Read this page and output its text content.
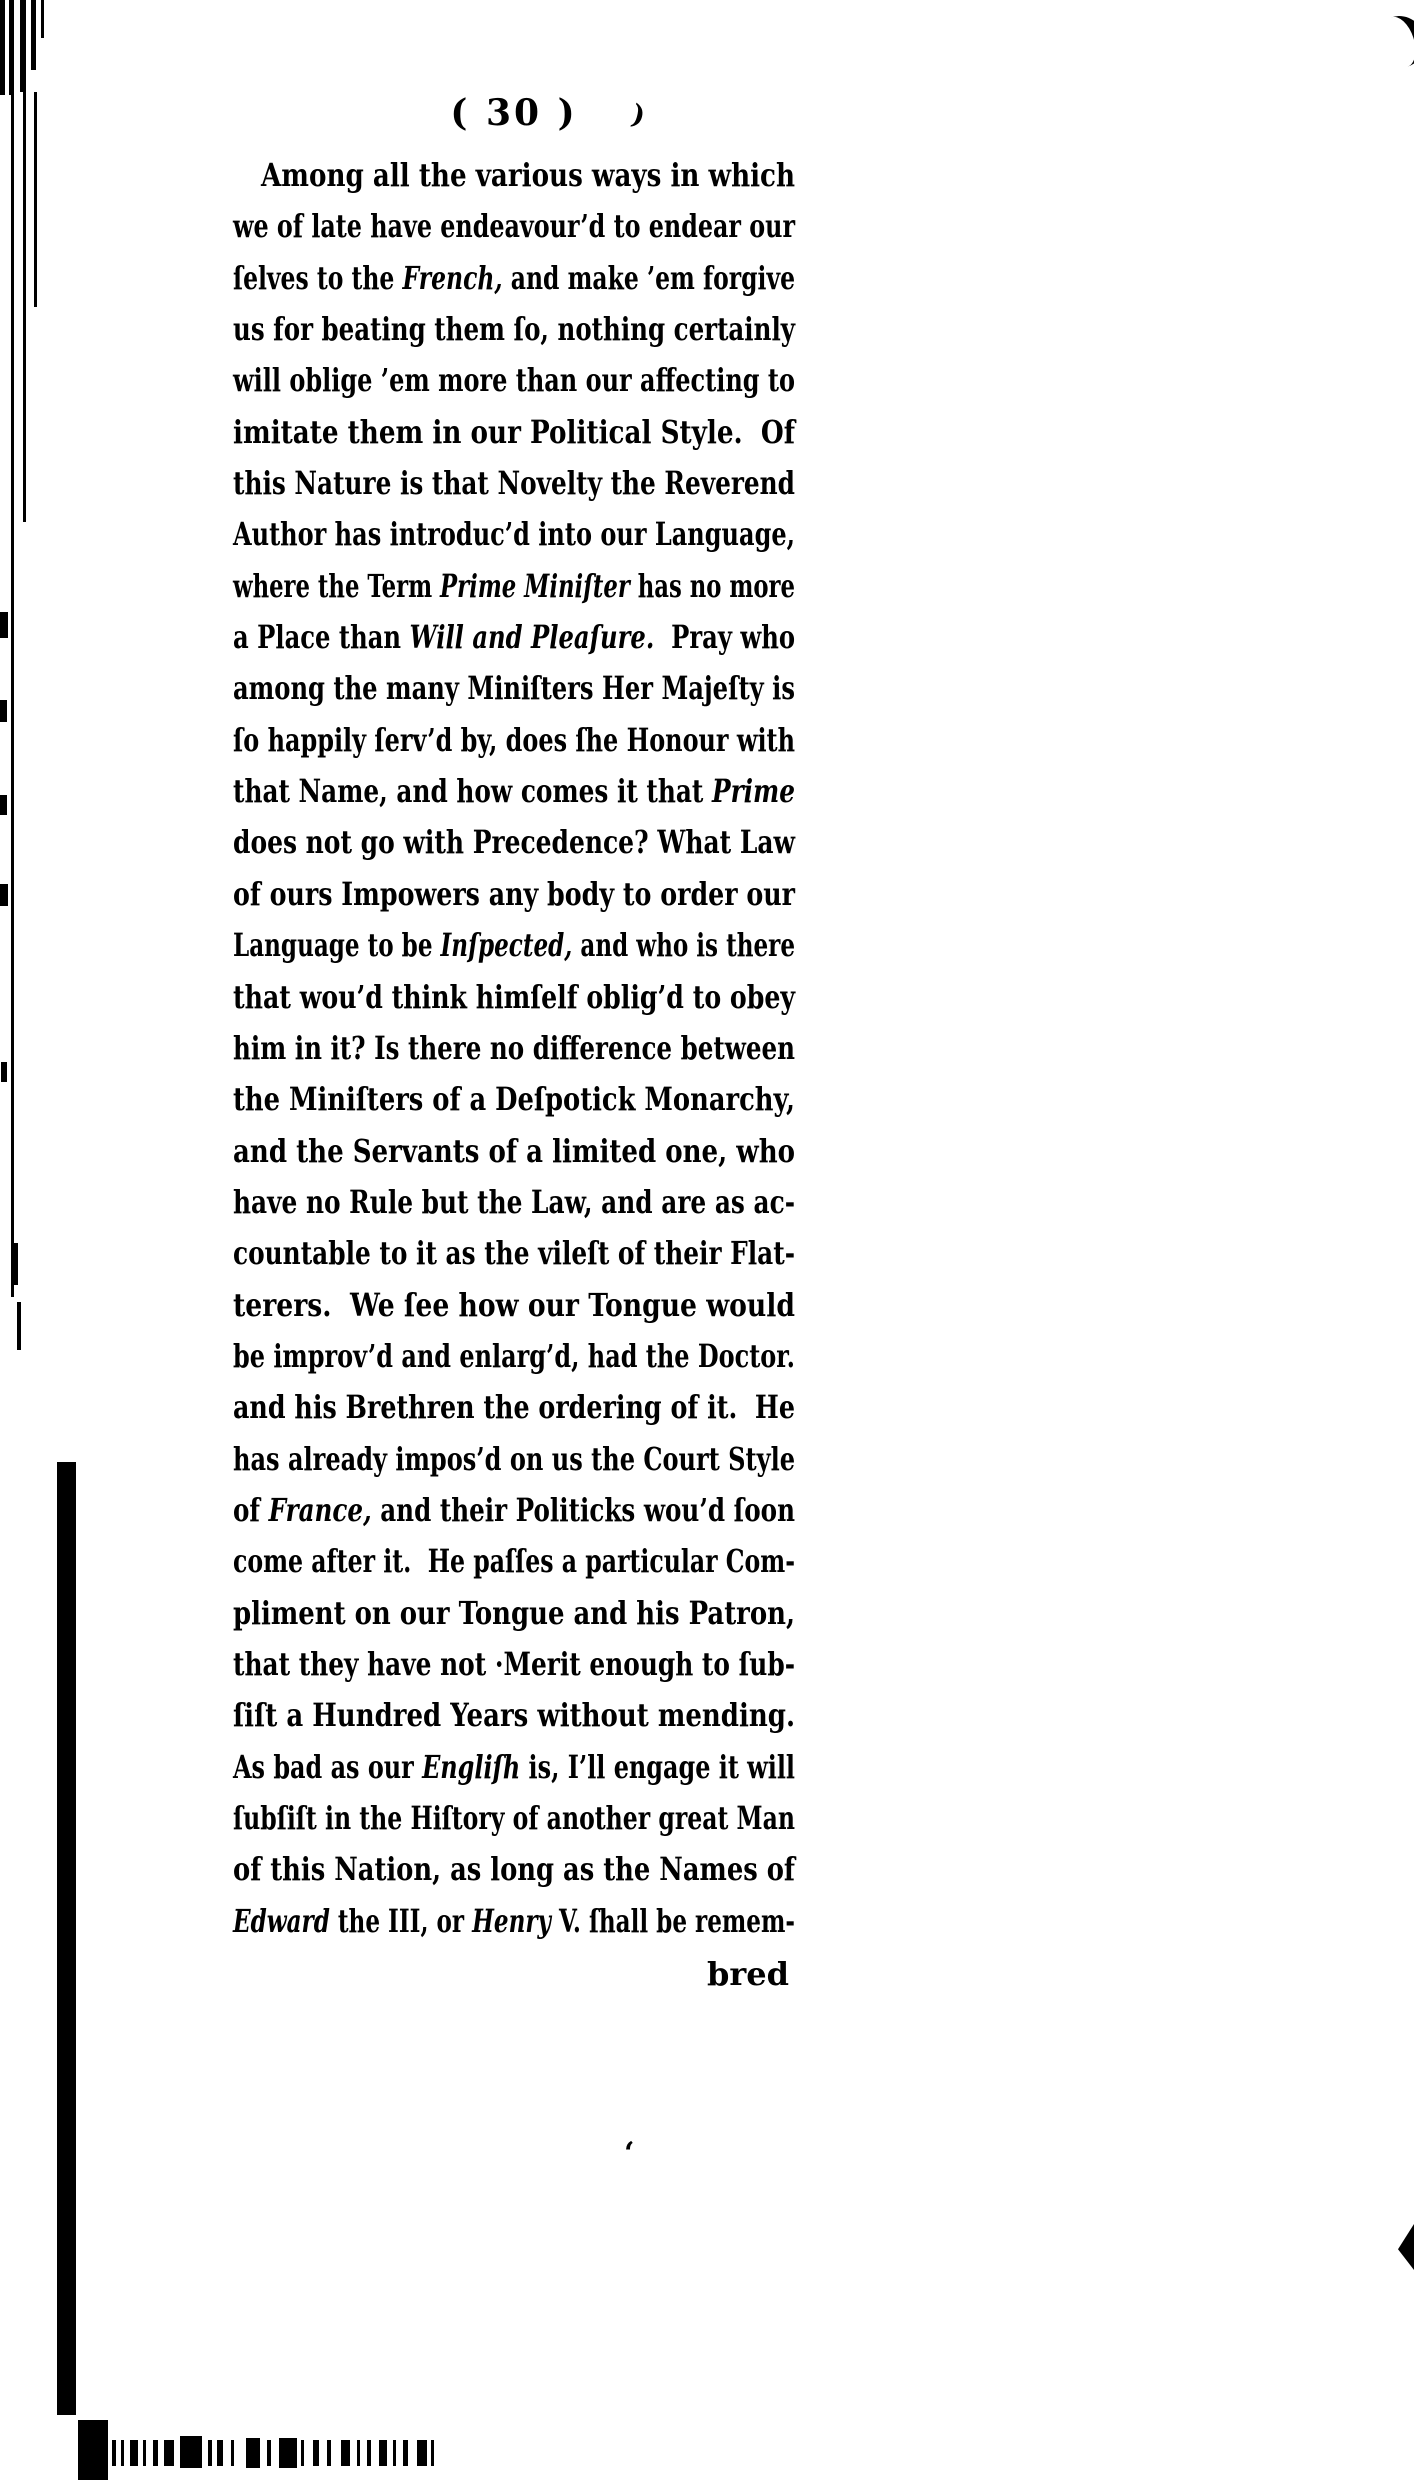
( 30 )	)
Among all the various ways in which
we of late have endeavour’d to endear our
ſelves to the French, and make ’em forgive
us for beating them ſo, nothing certainly
will oblige ’em more than our affecting to
imitate them in our Political Style.  Of
this Nature is that Novelty the Reverend
Author has introduc’d into our Language,
where the Term Prime Miniſter has no more
a Place than Will and Pleaſure.  Pray who
among the many Miniſters Her Majeſty is
ſo happily ſerv’d by, does ſhe Honour with
that Name, and how comes it that Prime
does not go with Precedence? What Law
of ours Impowers any body to order our
Language to be Inſpected, and who is there
that wou’d think himſelf oblig’d to obey
him in it? Is there no difference between
the Miniſters of a Deſpotick Monarchy,
and the Servants of a limited one, who
have no Rule but the Law, and are as ac-
countable to it as the vileſt of their Flat-
terers.  We ſee how our Tongue would
be improv’d and enlarg’d, had the Doctor.
and his Brethren the ordering of it.  He
has already impos’d on us the Court Style
of France, and their Politicks wou’d ſoon
come after it.  He paſſes a particular Com-
pliment on our Tongue and his Patron,
that they have not ·Merit enough to ſub-
ſiſt a Hundred Years without mending.
As bad as our Engliſh is, I’ll engage it will
ſubſiſt in the Hiſtory of another great Man
of this Nation, as long as the Names of
Edward the III, or Henry V. ſhall be remem-
bred
‘
